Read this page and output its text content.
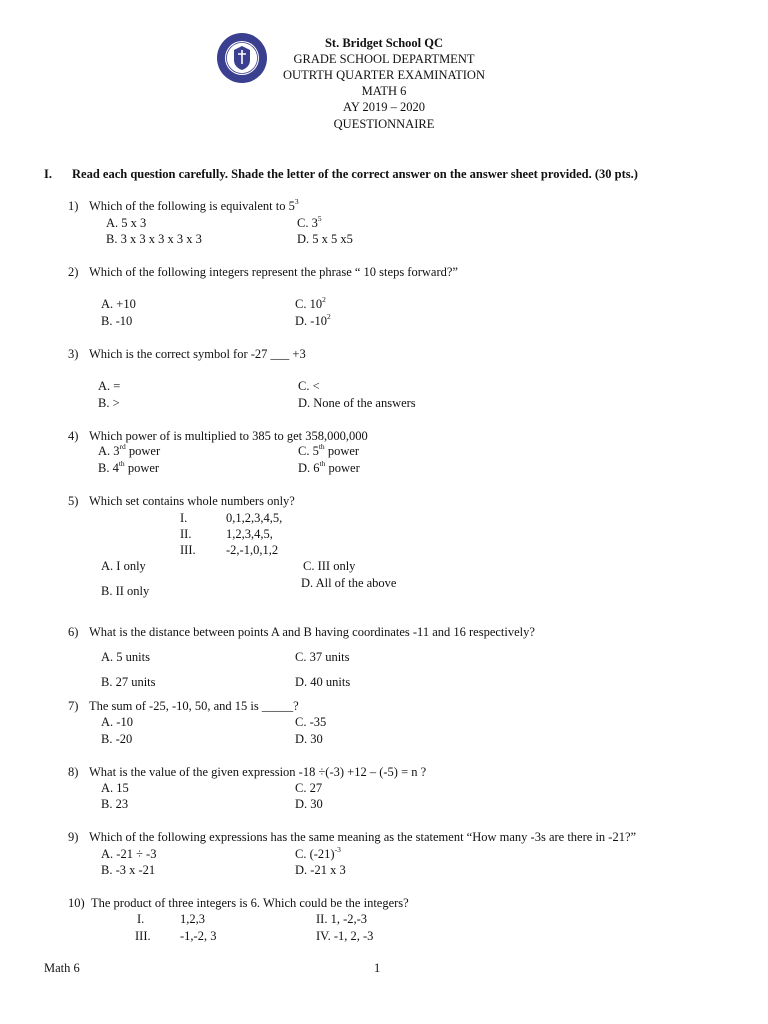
St. Bridget School QC
GRADE SCHOOL DEPARTMENT
OUTRTH QUARTER EXAMINATION
MATH 6
AY 2019 – 2020
QUESTIONNAIRE
I. Read each question carefully. Shade the letter of the correct answer on the answer sheet provided. (30 pts.)
1) Which of the following is equivalent to $5^3$
A. 5 x 3
B. 3 x 3 x 3 x 3 x 3
C. $3^5$
D. 5 x 5 x5
2) Which of the following integers represent the phrase “ 10 steps forward?”
A. +10
B. -10
C. $10^2$
D. $-10^2$
3) Which is the correct symbol for -27 ___ +3
A. =
B. >
C. <
D. None of the answers
4) Which power of is multiplied to 385 to get 358,000,000
A. 3rd power
B. 4th power
C. 5th power
D. 6th power
5) Which set contains whole numbers only?
I.	0,1,2,3,4,5,
II.	1,2,3,4,5,
III. -2,-1,0,1,2
A. I only
B. II only
C. III only
D. All of the above
6) What is the distance between points A and B having coordinates -11 and 16 respectively?
A. 5 units
B. 27 units
C. 37 units
D. 40 units
7) The sum of -25, -10, 50, and 15 is _____?
A. -10
B. -20
C. -35
D. 30
8) What is the value of the given expression -18 ÷(-3) +12 – (-5) = n ?
A. 15
B. 23
C. 27
D. 30
9) Which of the following expressions has the same meaning as the statement “How many -3s are there in -21?”
A. -21 ÷ -3
B. -3 x -21
C. $(-21)^{-3}$
D. -21 x 3
10) The product of three integers is 6. Which could be the integers?
I.	1,2,3	II. 1, -2,-3
III. -1,-2, 3	IV. -1, 2, -3
Math 6	1
